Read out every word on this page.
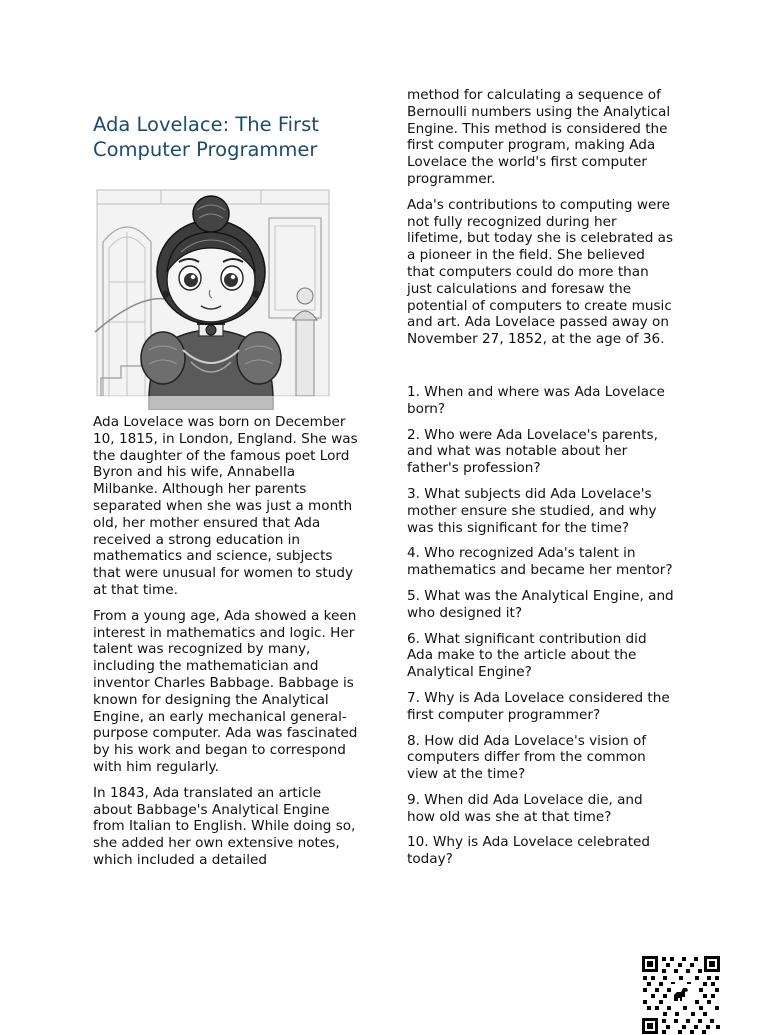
Ada Lovelace: The First Computer Programmer

Ada Lovelace was born on December 10, 1815, in London, England. She was the daughter of the famous poet Lord Byron and his wife, Annabella Milbanke. Although her parents separated when she was just a month old, her mother ensured that Ada received a strong education in mathematics and science, subjects that were unusual for women to study at that time.

From a young age, Ada showed a keen interest in mathematics and logic. Her talent was recognized by many, including the mathematician and inventor Charles Babbage. Babbage is known for designing the Analytical Engine, an early mechanical general-purpose computer. Ada was fascinated by his work and began to correspond with him regularly.

In 1843, Ada translated an article about Babbage's Analytical Engine from Italian to English. While doing so, she added her own extensive notes, which included a detailed

method for calculating a sequence of Bernoulli numbers using the Analytical Engine. This method is considered the first computer program, making Ada Lovelace the world's first computer programmer.

Ada's contributions to computing were not fully recognized during her lifetime, but today she is celebrated as a pioneer in the field. She believed that computers could do more than just calculations and foresaw the potential of computers to create music and art. Ada Lovelace passed away on November 27, 1852, at the age of 36.

1. When and where was Ada Lovelace born?

2. Who were Ada Lovelace's parents, and what was notable about her father's profession?

3. What subjects did Ada Lovelace's mother ensure she studied, and why was this significant for the time?

4. Who recognized Ada's talent in mathematics and became her mentor?

5. What was the Analytical Engine, and who designed it?

6. What significant contribution did Ada make to the article about the Analytical Engine?

7. Why is Ada Lovelace considered the first computer programmer?

8. How did Ada Lovelace's vision of computers differ from the common view at the time?

9. When did Ada Lovelace die, and how old was she at that time?

10. Why is Ada Lovelace celebrated today?
